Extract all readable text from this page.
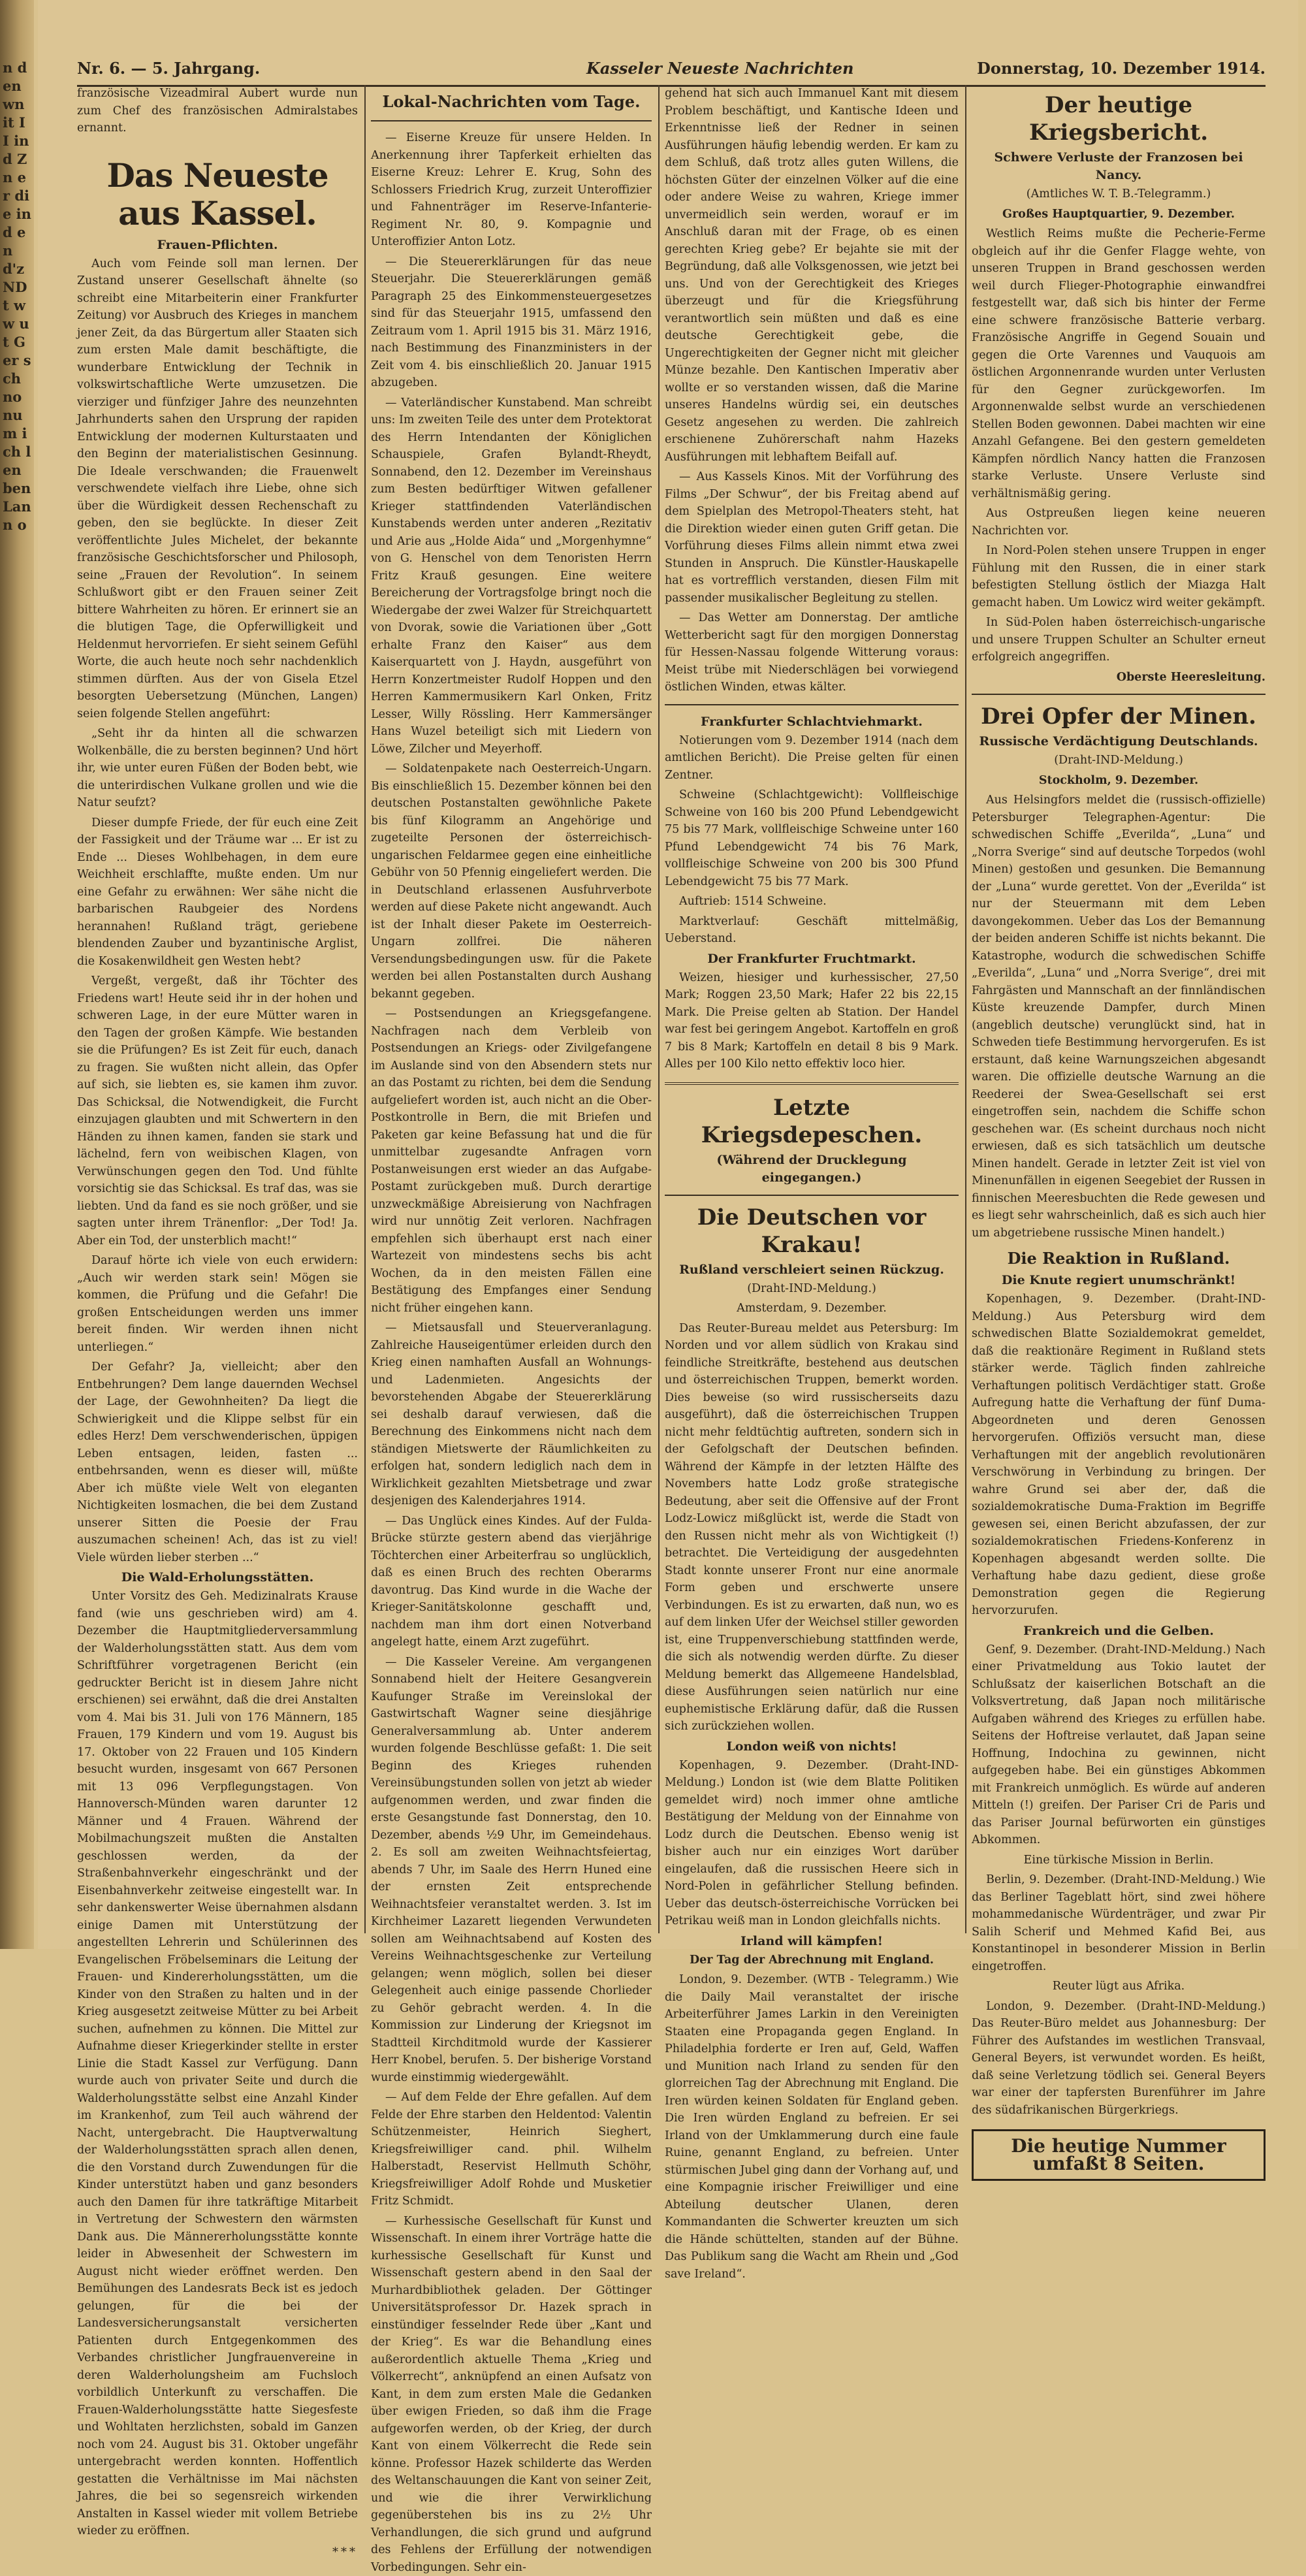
n den wn it II ind Zn er die ind en d'z ND t ww ut Ger sch no nu m ich len ben Lan n o
Nr. 6. — 5. Jahrgang.	Kasseler Neueste Nachrichten	Donnerstag, 10. Dezember 1914.

französische Vizeadmiral Aubert wurde nun zum Chef des französischen Admiralstabes ernannt.

Das Neueste aus Kassel.
Frauen-Pflichten.

Auch vom Feinde soll man lernen. Der Zustand unserer Gesellschaft ähnelte (so schreibt eine Mitarbeiterin einer Frankfurter Zeitung) vor Ausbruch des Krieges in manchem jener Zeit, da das Bürgertum aller Staaten sich zum ersten Male damit beschäftigte, die wunderbare Entwicklung der Technik in volkswirtschaftliche Werte umzusetzen. Die vierziger und fünfziger Jahre des neunzehnten Jahrhunderts sahen den Ursprung der rapiden Entwicklung der modernen Kulturstaaten und den Beginn der materialistischen Gesinnung. Die Ideale verschwanden; die Frauenwelt verschwendete vielfach ihre Liebe, ohne sich über die Würdigkeit dessen Rechenschaft zu geben, den sie beglückte. In dieser Zeit veröffentlichte Jules Michelet, der bekannte französische Geschichtsforscher und Philosoph, seine „Frauen der Revolution“. In seinem Schlußwort gibt er den Frauen seiner Zeit bittere Wahrheiten zu hören. Er erinnert sie an die blutigen Tage, die Opferwilligkeit und Heldenmut hervorriefen. Er sieht seinem Gefühl Worte, die auch heute noch sehr nachdenklich stimmen dürften. Aus der von Gisela Etzel besorgten Uebersetzung (München, Langen) seien folgende Stellen angeführt:

„Seht ihr da hinten all die schwarzen Wolkenbälle, die zu bersten beginnen? Und hört ihr, wie unter euren Füßen der Boden bebt, wie die unterirdischen Vulkane grollen und wie die Natur seufzt?

Dieser dumpfe Friede, der für euch eine Zeit der Fassigkeit und der Träume war ... Er ist zu Ende ... Dieses Wohlbehagen, in dem eure Weichheit erschlaffte, mußte enden. Um nur eine Gefahr zu erwähnen: Wer sähe nicht die barbarischen Raubgeier des Nordens herannahen! Rußland trägt, geriebene blendenden Zauber und byzantinische Arglist, die Kosakenwildheit gen Westen hebt?

Vergeßt, vergeßt, daß ihr Töchter des Friedens wart! Heute seid ihr in der hohen und schweren Lage, in der eure Mütter waren in den Tagen der großen Kämpfe. Wie bestanden sie die Prüfungen? Es ist Zeit für euch, danach zu fragen. Sie wußten nicht allein, das Opfer auf sich, sie liebten es, sie kamen ihm zuvor. Das Schicksal, die Notwendigkeit, die Furcht einzujagen glaubten und mit Schwertern in den Händen zu ihnen kamen, fanden sie stark und lächelnd, fern von weibischen Klagen, von Verwünschungen gegen den Tod. Und fühlte vorsichtig sie das Schicksal. Es traf das, was sie liebten. Und da fand es sie noch größer, und sie sagten unter ihrem Tränenflor: „Der Tod! Ja. Aber ein Tod, der unsterblich macht!“

Darauf hörte ich viele von euch erwidern: „Auch wir werden stark sein! Mögen sie kommen, die Prüfung und die Gefahr! Die großen Entscheidungen werden uns immer bereit finden. Wir werden ihnen nicht unterliegen.“

Der Gefahr? Ja, vielleicht; aber den Entbehrungen? Dem lange dauernden Wechsel der Lage, der Gewohnheiten? Da liegt die Schwierigkeit und die Klippe selbst für ein edles Herz! Dem verschwenderischen, üppigen Leben entsagen, leiden, fasten ... entbehrsanden, wenn es dieser will, müßte Aber ich müßte viele Welt von eleganten Nichtigkeiten losmachen, die bei dem Zustand unserer Sitten die Poesie der Frau auszumachen scheinen! Ach, das ist zu viel! Viele würden lieber sterben ...“

Die Wald-Erholungsstätten.

Unter Vorsitz des Geh. Medizinalrats Krause fand (wie uns geschrieben wird) am 4. Dezember die Hauptmitgliederversammlung der Walderholungsstätten statt. Aus dem vom Schriftführer vorgetragenen Bericht (ein gedruckter Bericht ist in diesem Jahre nicht erschienen) sei erwähnt, daß die drei Anstalten vom 4. Mai bis 31. Juli von 176 Männern, 185 Frauen, 179 Kindern und vom 19. August bis 17. Oktober von 22 Frauen und 105 Kindern besucht wurden, insgesamt von 667 Personen mit 13 096 Verpflegungstagen. Von Hannoversch-Münden waren darunter 12 Männer und 4 Frauen. Während der Mobilmachungszeit mußten die Anstalten geschlossen werden, da der Straßenbahnverkehr eingeschränkt und der Eisenbahnverkehr zeitweise eingestellt war. In sehr dankenswerter Weise übernahmen alsdann einige Damen mit Unterstützung der angestellten Lehrerin und Schülerinnen des Evangelischen Fröbelseminars die Leitung der Frauen- und Kindererholungsstätten, um die Kinder von den Straßen zu halten und in der Krieg ausgesetzt zeitweise Mütter zu bei Arbeit suchen, aufnehmen zu können. Die Mittel zur Aufnahme dieser Kriegerkinder stellte in erster Linie die Stadt Kassel zur Verfügung. Dann wurde auch von privater Seite und durch die Walderholungsstätte selbst eine Anzahl Kinder im Krankenhof, zum Teil auch während der Nacht, untergebracht. Die Hauptverwaltung der Walderholungsstätten sprach allen denen, die den Vorstand durch Zuwendungen für die Kinder unterstützt haben und ganz besonders auch den Damen für ihre tatkräftige Mitarbeit in Vertretung der Schwestern den wärmsten Dank aus. Die Männererholungsstätte konnte leider in Abwesenheit der Schwestern im August nicht wieder eröffnet werden. Den Bemühungen des Landesrats Beck ist es jedoch gelungen, für die bei der Landesversicherungsanstalt versicherten Patienten durch Entgegenkommen des Verbandes christlicher Jungfrauenvereine in deren Walderholungsheim am Fuchsloch vorbildlich Unterkunft zu verschaffen. Die Frauen-Walderholungsstätte hatte Siegesfeste und Wohltaten herzlichsten, sobald im Ganzen noch vom 24. August bis 31. Oktober ungefähr untergebracht werden konnten. Hoffentlich gestatten die Verhältnisse im Mai nächsten Jahres, die bei so segensreich wirkenden Anstalten in Kassel wieder mit vollem Betriebe wieder zu eröffnen.

***
Lokal-Nachrichten vom Tage.

— Eiserne Kreuze für unsere Helden. In Anerkennung ihrer Tapferkeit erhielten das Eiserne Kreuz: Lehrer E. Krug, Sohn des Schlossers Friedrich Krug, zurzeit Unteroffizier und Fahnenträger im Reserve-Infanterie-Regiment Nr. 80, 9. Kompagnie und Unteroffizier Anton Lotz.

— Die Steuererklärungen für das neue Steuerjahr. Die Steuererklärungen gemäß Paragraph 25 des Einkommensteuergesetzes sind für das Steuerjahr 1915, umfassend den Zeitraum vom 1. April 1915 bis 31. März 1916, nach Bestimmung des Finanzministers in der Zeit vom 4. bis einschließlich 20. Januar 1915 abzugeben.

— Vaterländischer Kunstabend. Man schreibt uns: Im zweiten Teile des unter dem Protektorat des Herrn Intendanten der Königlichen Schauspiele, Grafen Bylandt-Rheydt, Sonnabend, den 12. Dezember im Vereinshaus zum Besten bedürftiger Witwen gefallener Krieger stattfindenden Vaterländischen Kunstabends werden unter anderen „Rezitativ und Arie aus „Holde Aida“ und „Morgenhymne“ von G. Henschel von dem Tenoristen Herrn Fritz Krauß gesungen. Eine weitere Bereicherung der Vortragsfolge bringt noch die Wiedergabe der zwei Walzer für Streichquartett von Dvorak, sowie die Variationen über „Gott erhalte Franz den Kaiser“ aus dem Kaiserquartett von J. Haydn, ausgeführt von Herrn Konzertmeister Rudolf Hoppen und den Herren Kammermusikern Karl Onken, Fritz Lesser, Willy Rössling. Herr Kammersänger Hans Wuzel beteiligt sich mit Liedern von Löwe, Zilcher und Meyerhoff.

— Soldatenpakete nach Oesterreich-Ungarn. Bis einschließlich 15. Dezember können bei den deutschen Postanstalten gewöhnliche Pakete bis fünf Kilogramm an Angehörige und zugeteilte Personen der österreichisch-ungarischen Feldarmee gegen eine einheitliche Gebühr von 50 Pfennig eingeliefert werden. Die in Deutschland erlassenen Ausfuhrverbote werden auf diese Pakete nicht angewandt. Auch ist der Inhalt dieser Pakete im Oesterreich-Ungarn zollfrei. Die näheren Versendungsbedingungen usw. für die Pakete werden bei allen Postanstalten durch Aushang bekannt gegeben.

— Postsendungen an Kriegsgefangene. Nachfragen nach dem Verbleib von Postsendungen an Kriegs- oder Zivilgefangene im Auslande sind von den Absendern stets nur an das Postamt zu richten, bei dem die Sendung aufgeliefert worden ist, auch nicht an die Ober-Postkontrolle in Bern, die mit Briefen und Paketen gar keine Befassung hat und die für unmittelbar zugesandte Anfragen vorn Postanweisungen erst wieder an das Aufgabe-Postamt zurückgeben muß. Durch derartige unzweckmäßige Abreisierung von Nachfragen wird nur unnötig Zeit verloren. Nachfragen empfehlen sich überhaupt erst nach einer Wartezeit von mindestens sechs bis acht Wochen, da in den meisten Fällen eine Bestätigung des Empfanges einer Sendung nicht früher eingehen kann.

— Mietsausfall und Steuerveranlagung. Zahlreiche Hauseigentümer erleiden durch den Krieg einen namhaften Ausfall an Wohnungs- und Ladenmieten. Angesichts der bevorstehenden Abgabe der Steuererklärung sei deshalb darauf verwiesen, daß die Berechnung des Einkommens nicht nach dem ständigen Mietswerte der Räumlichkeiten zu erfolgen hat, sondern lediglich nach dem in Wirklichkeit gezahlten Mietsbetrage und zwar desjenigen des Kalenderjahres 1914.

— Das Unglück eines Kindes. Auf der Fulda-Brücke stürzte gestern abend das vierjährige Töchterchen einer Arbeiterfrau so unglücklich, daß es einen Bruch des rechten Oberarms davontrug. Das Kind wurde in die Wache der Krieger-Sanitätskolonne geschafft und, nachdem man ihm dort einen Notverband angelegt hatte, einem Arzt zugeführt.

— Die Kasseler Vereine. Am vergangenen Sonnabend hielt der Heitere Gesangverein Kaufunger Straße im Vereinslokal der Gastwirtschaft Wagner seine diesjährige Generalversammlung ab. Unter anderem wurden folgende Beschlüsse gefaßt: 1. Die seit Beginn des Krieges ruhenden Vereinsübungstunden sollen von jetzt ab wieder aufgenommen werden, und zwar finden die erste Gesangstunde fast Donnerstag, den 10. Dezember, abends ½9 Uhr, im Gemeindehaus. 2. Es soll am zweiten Weihnachtsfeiertag, abends 7 Uhr, im Saale des Herrn Huned eine der ernsten Zeit entsprechende Weihnachtsfeier veranstaltet werden. 3. Ist im Kirchheimer Lazarett liegenden Verwundeten sollen am Weihnachtsabend auf Kosten des Vereins Weihnachtsgeschenke zur Verteilung gelangen; wenn möglich, sollen bei dieser Gelegenheit auch einige passende Chorlieder zu Gehör gebracht werden. 4. In die Kommission zur Linderung der Kriegsnot im Stadtteil Kirchditmold wurde der Kassierer Herr Knobel, berufen. 5. Der bisherige Vorstand wurde einstimmig wiedergewählt.

— Auf dem Felde der Ehre gefallen. Auf dem Felde der Ehre starben den Heldentod: Valentin Schützenmeister, Heinrich Sieghert, Kriegsfreiwilliger cand. phil. Wilhelm Halberstadt, Reservist Hellmuth Schöhr, Kriegsfreiwilliger Adolf Rohde und Musketier Fritz Schmidt.

— Kurhessische Gesellschaft für Kunst und Wissenschaft. In einem ihrer Vorträge hatte die kurhessische Gesellschaft für Kunst und Wissenschaft gestern abend in den Saal der Murhardbibliothek geladen. Der Göttinger Universitätsprofessor Dr. Hazek sprach in einstündiger fesselnder Rede über „Kant und der Krieg“. Es war die Behandlung eines außerordentlich aktuelle Thema „Krieg und Völkerrecht“, anknüpfend an einen Aufsatz von Kant, in dem zum ersten Male die Gedanken über ewigen Frieden, so daß ihm die Frage aufgeworfen werden, ob der Krieg, der durch Kant von einem Völkerrecht die Rede sein könne. Professor Hazek schilderte das Werden des Weltanschauungen die Kant von seiner Zeit, und wie die ihrer Verwirklichung gegenüberstehen bis ins zu 2½ Uhr Verhandlungen, die sich grund und aufgrund des Fehlens der Erfüllung der notwendigen Vorbedingungen. Sehr ein-

gehend hat sich auch Immanuel Kant mit diesem Problem beschäftigt, und Kantische Ideen und Erkenntnisse ließ der Redner in seinen Ausführungen häufig lebendig werden. Er kam zu dem Schluß, daß trotz alles guten Willens, die höchsten Güter der einzelnen Völker auf die eine oder andere Weise zu wahren, Kriege immer unvermeidlich sein werden, worauf er im Anschluß daran mit der Frage, ob es einen gerechten Krieg gebe? Er bejahte sie mit der Begründung, daß alle Volksgenossen, wie jetzt bei uns. Und von der Gerechtigkeit des Krieges überzeugt und für die Kriegsführung verantwortlich sein müßten und daß es eine deutsche Gerechtigkeit gebe, die Ungerechtigkeiten der Gegner nicht mit gleicher Münze bezahle. Den Kantischen Imperativ aber wollte er so verstanden wissen, daß die Marine unseres Handelns würdig sei, ein deutsches Gesetz angesehen zu werden. Die zahlreich erschienene Zuhörerschaft nahm Hazeks Ausführungen mit lebhaftem Beifall auf.

— Aus Kassels Kinos. Mit der Vorführung des Films „Der Schwur“, der bis Freitag abend auf dem Spielplan des Metropol-Theaters steht, hat die Direktion wieder einen guten Griff getan. Die Vorführung dieses Films allein nimmt etwa zwei Stunden in Anspruch. Die Künstler-Hauskapelle hat es vortrefflich verstanden, diesen Film mit passender musikalischer Begleitung zu stellen.

— Das Wetter am Donnerstag. Der amtliche Wetterbericht sagt für den morgigen Donnerstag für Hessen-Nassau folgende Witterung voraus: Meist trübe mit Niederschlägen bei vorwiegend östlichen Winden, etwas kälter.

Frankfurter Schlachtviehmarkt.

Notierungen vom 9. Dezember 1914 (nach dem amtlichen Bericht). Die Preise gelten für einen Zentner.

Schweine (Schlachtgewicht): Vollfleischige Schweine von 160 bis 200 Pfund Lebendgewicht 75 bis 77 Mark, vollfleischige Schweine unter 160 Pfund Lebendgewicht 74 bis 76 Mark, vollfleischige Schweine von 200 bis 300 Pfund Lebendgewicht 75 bis 77 Mark.

Auftrieb: 1514 Schweine.

Marktverlauf: Geschäft mittelmäßig, Ueberstand.

Der Frankfurter Fruchtmarkt.

Weizen, hiesiger und kurhessischer, 27,50 Mark; Roggen 23,50 Mark; Hafer 22 bis 22,15 Mark. Die Preise gelten ab Station. Der Handel war fest bei geringem Angebot. Kartoffeln en groß 7 bis 8 Mark; Kartoffeln en detail 8 bis 9 Mark. Alles per 100 Kilo netto effektiv loco hier.

Letzte Kriegsdepeschen.
(Während der Drucklegung eingegangen.)
Die Deutschen vor Krakau!
Rußland verschleiert seinen Rückzug.

(Draht-IND-Meldung.)

Amsterdam, 9. Dezember.

Das Reuter-Bureau meldet aus Petersburg: Im Norden und vor allem südlich von Krakau sind feindliche Streitkräfte, bestehend aus deutschen und österreichischen Truppen, bemerkt worden. Dies beweise (so wird russischerseits dazu ausgeführt), daß die österreichischen Truppen nicht mehr feldtüchtig auftreten, sondern sich in der Gefolgschaft der Deutschen befinden. Während der Kämpfe in der letzten Hälfte des Novembers hatte Lodz große strategische Bedeutung, aber seit die Offensive auf der Front Lodz-Lowicz mißglückt ist, werde die Stadt von den Russen nicht mehr als von Wichtigkeit (!) betrachtet. Die Verteidigung der ausgedehnten Stadt konnte unserer Front nur eine anormale Form geben und erschwerte unsere Verbindungen. Es ist zu erwarten, daß nun, wo es auf dem linken Ufer der Weichsel stiller geworden ist, eine Truppenverschiebung stattfinden werde, die sich als notwendig werden dürfte. Zu dieser Meldung bemerkt das Allgemeene Handelsblad, diese Ausführungen seien natürlich nur eine euphemistische Erklärung dafür, daß die Russen sich zurückziehen wollen.

London weiß von nichts!

Kopenhagen, 9. Dezember. (Draht-IND-Meldung.) London ist (wie dem Blatte Politiken gemeldet wird) noch immer ohne amtliche Bestätigung der Meldung von der Einnahme von Lodz durch die Deutschen. Ebenso wenig ist bisher auch nur ein einziges Wort darüber eingelaufen, daß die russischen Heere sich in Nord-Polen in gefährlicher Stellung befinden. Ueber das deutsch-österreichische Vorrücken bei Petrikau weiß man in London gleichfalls nichts.

Irland will kämpfen!

Der Tag der Abrechnung mit England.

London, 9. Dezember. (WTB - Telegramm.) Wie die Daily Mail veranstaltet der irische Arbeiterführer James Larkin in den Vereinigten Staaten eine Propaganda gegen England. In Philadelphia forderte er Iren auf, Geld, Waffen und Munition nach Irland zu senden für den glorreichen Tag der Abrechnung mit England. Die Iren würden keinen Soldaten für England geben. Die Iren würden England zu befreien. Er sei Irland von der Umklammerung durch eine faule Ruine, genannt England, zu befreien. Unter stürmischen Jubel ging dann der Vorhang auf, und eine Kompagnie irischer Freiwilliger und eine Abteilung deutscher Ulanen, deren Kommandanten die Schwerter kreuzten um sich die Hände schüttelten, standen auf der Bühne. Das Publikum sang die Wacht am Rhein und „God save Ireland“.

Der heutige Kriegsbericht.
Schwere Verluste der Franzosen bei Nancy.

(Amtliches W. T. B.-Telegramm.)

Großes Hauptquartier, 9. Dezember.

Westlich Reims mußte die Pecherie-Ferme obgleich auf ihr die Genfer Flagge wehte, von unseren Truppen in Brand geschossen werden weil durch Flieger-Photographie einwandfrei festgestellt war, daß sich bis hinter der Ferme eine schwere französische Batterie verbarg. Französische Angriffe in Gegend Souain und gegen die Orte Varennes und Vauquois am östlichen Argonnenrande wurden unter Verlusten für den Gegner zurückgeworfen. Im Argonnenwalde selbst wurde an verschiedenen Stellen Boden gewonnen. Dabei machten wir eine Anzahl Gefangene. Bei den gestern gemeldeten Kämpfen nördlich Nancy hatten die Franzosen starke Verluste. Unsere Verluste sind verhältnismäßig gering.

Aus Ostpreußen liegen keine neueren Nachrichten vor.

In Nord-Polen stehen unsere Truppen in enger Fühlung mit den Russen, die in einer stark befestigten Stellung östlich der Miazga Halt gemacht haben. Um Lowicz wird weiter gekämpft.

In Süd-Polen haben österreichisch-ungarische und unsere Truppen Schulter an Schulter erneut erfolgreich angegriffen.

Oberste Heeresleitung.

Drei Opfer der Minen.
Russische Verdächtigung Deutschlands.

(Draht-IND-Meldung.)

Stockholm, 9. Dezember.

Aus Helsingfors meldet die (russisch-offizielle) Petersburger Telegraphen-Agentur: Die schwedischen Schiffe „Everilda“, „Luna“ und „Norra Sverige“ sind auf deutsche Torpedos (wohl Minen) gestoßen und gesunken. Die Bemannung der „Luna“ wurde gerettet. Von der „Everilda“ ist nur der Steuermann mit dem Leben davongekommen. Ueber das Los der Bemannung der beiden anderen Schiffe ist nichts bekannt. Die Katastrophe, wodurch die schwedischen Schiffe „Everilda“, „Luna“ und „Norra Sverige“, drei mit Fahrgästen und Mannschaft an der finnländischen Küste kreuzende Dampfer, durch Minen (angeblich deutsche) verunglückt sind, hat in Schweden tiefe Bestimmung hervorgerufen. Es ist erstaunt, daß keine Warnungszeichen abgesandt waren. Die offizielle deutsche Warnung an die Reederei der Swea-Gesellschaft sei erst eingetroffen sein, nachdem die Schiffe schon geschehen war. (Es scheint durchaus noch nicht erwiesen, daß es sich tatsächlich um deutsche Minen handelt. Gerade in letzter Zeit ist viel von Minenunfällen in eigenen Seegebiet der Russen in finnischen Meeresbuchten die Rede gewesen und es liegt sehr wahrscheinlich, daß es sich auch hier um abgetriebene russische Minen handelt.)

Die Reaktion in Rußland.
Die Knute regiert unumschränkt!

Kopenhagen, 9. Dezember. (Draht-IND-Meldung.) Aus Petersburg wird dem schwedischen Blatte Sozialdemokrat gemeldet, daß die reaktionäre Regiment in Rußland stets stärker werde. Täglich finden zahlreiche Verhaftungen politisch Verdächtiger statt. Große Aufregung hatte die Verhaftung der fünf Duma-Abgeordneten und deren Genossen hervorgerufen. Offiziös versucht man, diese Verhaftungen mit der angeblich revolutionären Verschwörung in Verbindung zu bringen. Der wahre Grund sei aber der, daß die sozialdemokratische Duma-Fraktion im Begriffe gewesen sei, einen Bericht abzufassen, der zur sozialdemokratischen Friedens-Konferenz in Kopenhagen abgesandt werden sollte. Die Verhaftung habe dazu gedient, diese große Demonstration gegen die Regierung hervorzurufen.

Frankreich und die Gelben.

Genf, 9. Dezember. (Draht-IND-Meldung.) Nach einer Privatmeldung aus Tokio lautet der Schlußsatz der kaiserlichen Botschaft an die Volksvertretung, daß Japan noch militärische Aufgaben während des Krieges zu erfüllen habe. Seitens der Hoftreise verlautet, daß Japan seine Hoffnung, Indochina zu gewinnen, nicht aufgegeben habe. Bei ein günstiges Abkommen mit Frankreich unmöglich. Es würde auf anderen Mitteln (!) greifen. Der Pariser Cri de Paris und das Pariser Journal befürworten ein günstiges Abkommen.

Eine türkische Mission in Berlin.

Berlin, 9. Dezember. (Draht-IND-Meldung.) Wie das Berliner Tageblatt hört, sind zwei höhere mohammedanische Würdenträger, und zwar Pir Salih Scherif und Mehmed Kafid Bei, aus Konstantinopel in besonderer Mission in Berlin eingetroffen.

Reuter lügt aus Afrika.

London, 9. Dezember. (Draht-IND-Meldung.) Das Reuter-Büro meldet aus Johannesburg: Der Führer des Aufstandes im westlichen Transvaal, General Beyers, ist verwundet worden. Es heißt, daß seine Verletzung tödlich sei. General Beyers war einer der tapfersten Burenführer im Jahre des südafrikanischen Bürgerkriegs.

Die heutige Nummer umfaßt 8 Seiten.
